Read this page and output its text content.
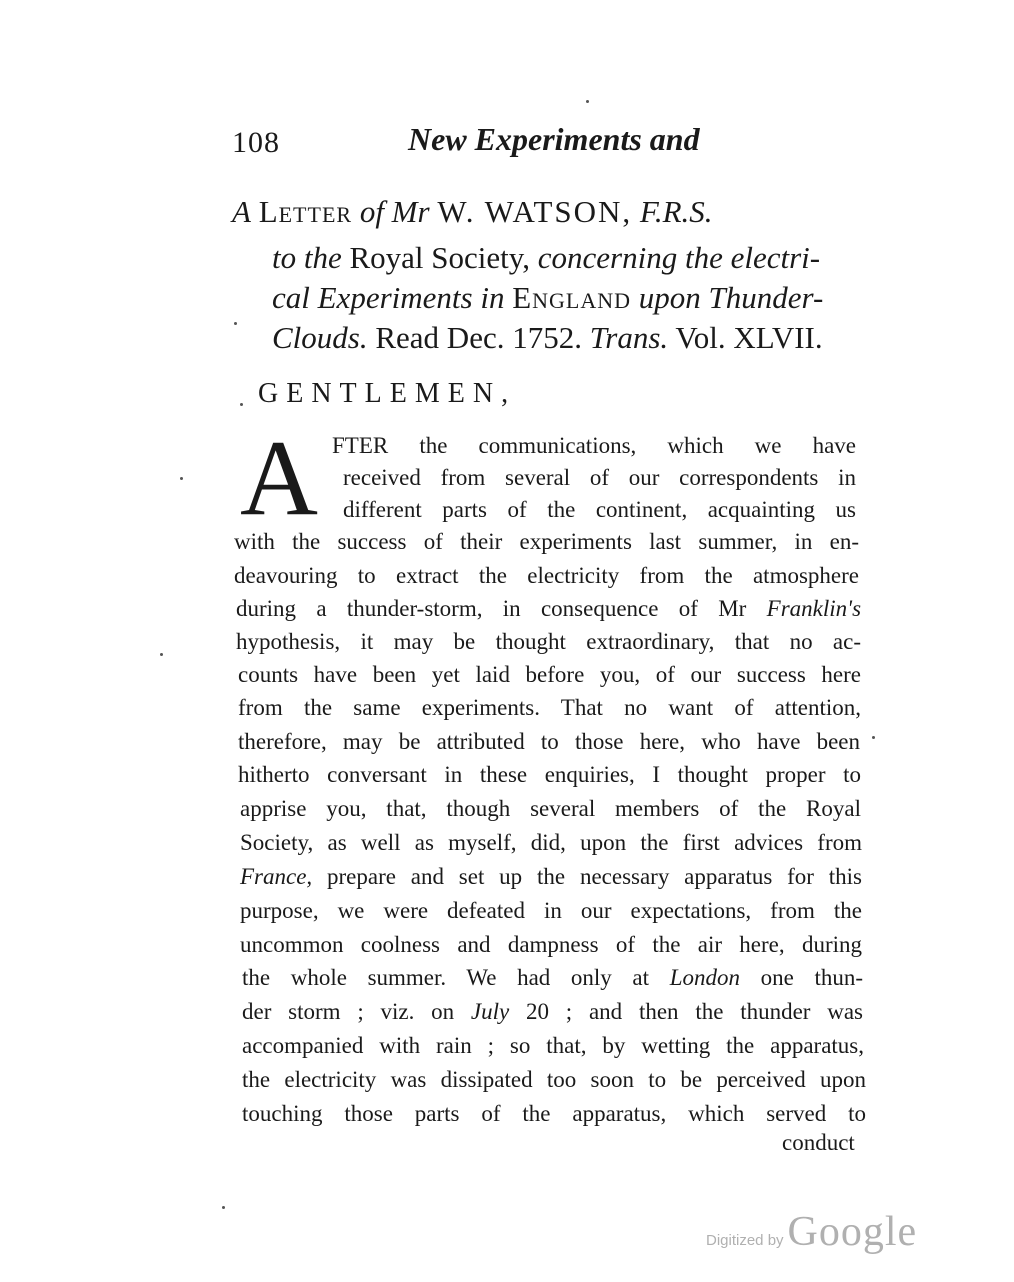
108	New Experiments and
A Letter of Mr W. WATSON, F.R.S.
to the Royal Society, concerning the electri-
cal Experiments in England upon Thunder-
Clouds. Read Dec. 1752. Trans. Vol. XLVII.
GENTLEMEN,
A FTER the communications, which we have
received from several of our correspondents in
different parts of the continent, acquainting us
with the success of their experiments last summer, in en-
deavouring to extract the electricity from the atmosphere
during a thunder-storm, in consequence of Mr Franklin's
hypothesis, it may be thought extraordinary, that no ac-
counts have been yet laid before you, of our success here
from the same experiments. That no want of attention,
therefore, may be attributed to those here, who have been
hitherto conversant in these enquiries, I thought proper to
apprise you, that, though several members of the Royal
Society, as well as myself, did, upon the first advices from
France, prepare and set up the necessary apparatus for this
purpose, we were defeated in our expectations, from the
uncommon coolness and dampness of the air here, during
the whole summer. We had only at London one thun-
der storm ; viz. on July 20 ; and then the thunder was
accompanied with rain ; so that, by wetting the apparatus,
the electricity was dissipated too soon to be perceived upon
touching those parts of the apparatus, which served to
conduct
Digitized by Google
